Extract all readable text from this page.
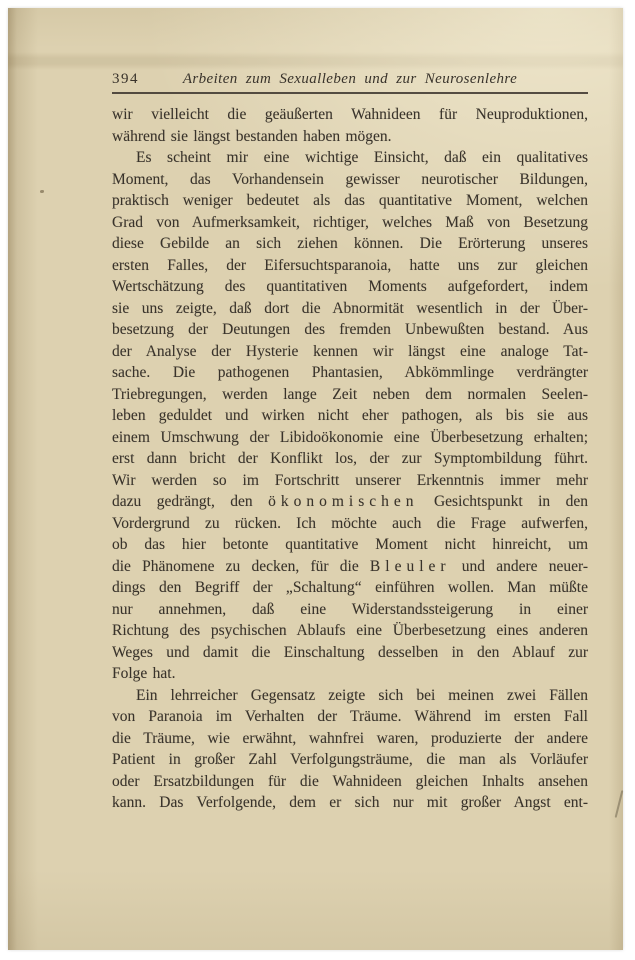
394	Arbeiten zum Sexualleben und zur Neurosenlehre
wir vielleicht die geäußerten Wahnideen für Neuproduktionen,
während sie längst bestanden haben mögen.
Es scheint mir eine wichtige Einsicht, daß ein qualitatives
Moment, das Vorhandensein gewisser neurotischer Bildungen,
praktisch weniger bedeutet als das quantitative Moment, welchen
Grad von Aufmerksamkeit, richtiger, welches Maß von Besetzung
diese Gebilde an sich ziehen können. Die Erörterung unseres
ersten Falles, der Eifersuchtsparanoia, hatte uns zur gleichen
Wertschätzung des quantitativen Moments aufgefordert, indem
sie uns zeigte, daß dort die Abnormität wesentlich in der Über-
besetzung der Deutungen des fremden Unbewußten bestand. Aus
der Analyse der Hysterie kennen wir längst eine analoge Tat-
sache. Die pathogenen Phantasien, Abkömmlinge verdrängter
Triebregungen, werden lange Zeit neben dem normalen Seelen-
leben geduldet und wirken nicht eher pathogen, als bis sie aus
einem Umschwung der Libidoökonomie eine Überbesetzung erhalten;
erst dann bricht der Konflikt los, der zur Symptombildung führt.
Wir werden so im Fortschritt unserer Erkenntnis immer mehr
dazu gedrängt, den ökonomischen Gesichtspunkt in den
Vordergrund zu rücken. Ich möchte auch die Frage aufwerfen,
ob das hier betonte quantitative Moment nicht hinreicht, um
die Phänomene zu decken, für die Bleuler und andere neuer-
dings den Begriff der „Schaltung“ einführen wollen. Man müßte
nur annehmen, daß eine Widerstandssteigerung in einer
Richtung des psychischen Ablaufs eine Überbesetzung eines anderen
Weges und damit die Einschaltung desselben in den Ablauf zur
Folge hat.
Ein lehrreicher Gegensatz zeigte sich bei meinen zwei Fällen
von Paranoia im Verhalten der Träume. Während im ersten Fall
die Träume, wie erwähnt, wahnfrei waren, produzierte der andere
Patient in großer Zahl Verfolgungsträume, die man als Vorläufer
oder Ersatzbildungen für die Wahnideen gleichen Inhalts ansehen
kann. Das Verfolgende, dem er sich nur mit großer Angst ent-
